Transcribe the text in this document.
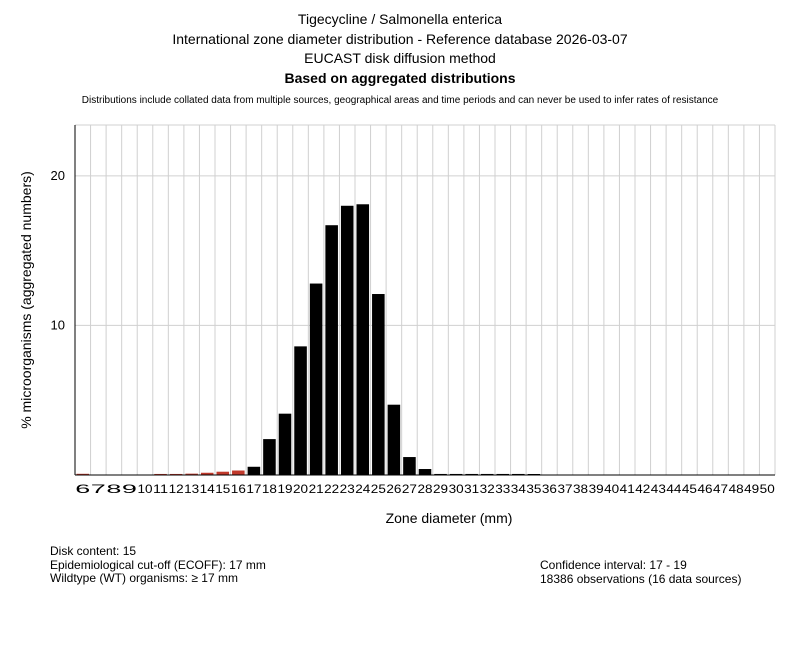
Tigecycline / Salmonella enterica
International zone diameter distribution - Reference database 2026-03-07
EUCAST disk diffusion method
Based on aggregated distributions
Distributions include collated data from multiple sources, geographical areas and time periods and can never be used to infer rates of resistance
10
20
6 7 8 9 10 11 12 13 14 15 16 17 18 19 20 21 22 23 24 25 26 27 28 29 30 31 32 33 34 35 36 37 38 39 40 41 42 43 44 45 46 47 48 49 50
Zone diameter (mm)
% microorganisms (aggregated numbers)
Disk content: 15
Epidemiological cut-off (ECOFF): 17 mm
Wildtype (WT) organisms: ≥ 17 mm
Confidence interval: 17 - 19
18386 observations (16 data sources)
